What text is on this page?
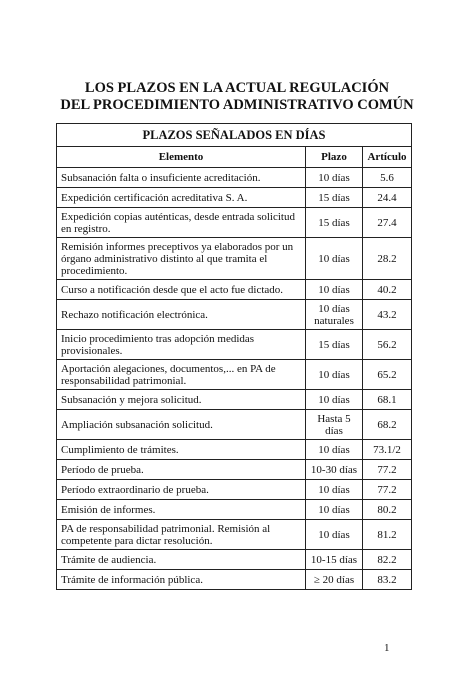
LOS PLAZOS EN LA ACTUAL REGULACIÓN
DEL PROCEDIMIENTO ADMINISTRATIVO COMÚN
PLAZOS SEÑALADOS EN DÍAS		
Elemento	Plazo	Artículo
Subsanación falta o insuficiente acreditación.	10 días	5.6
Expedición certificación acreditativa S. A.	15 días	24.4
Expedición copias auténticas, desde entrada solicitud en registro.	15 días	27.4
Remisión informes preceptivos ya elaborados por un órgano administrativo distinto al que tramita el procedimiento.	10 días	28.2
Curso a notificación desde que el acto fue dictado.	10 días	40.2
Rechazo notificación electrónica.	10 días naturales	43.2
Inicio procedimiento tras adopción medidas provisionales.	15 días	56.2
Aportación alegaciones, documentos,... en PA de responsabilidad patrimonial.	10 días	65.2
Subsanación y mejora solicitud.	10 días	68.1
Ampliación subsanación solicitud.	Hasta 5 días	68.2
Cumplimiento de trámites.	10 días	73.1/2
Período de prueba.	10-30 días	77.2
Período extraordinario de prueba.	10 días	77.2
Emisión de informes.	10 días	80.2
PA de responsabilidad patrimonial. Remisión al competente para dictar resolución.	10 días	81.2
Trámite de audiencia.	10-15 días	82.2
Trámite de información pública.	≥ 20 días	83.2
1
